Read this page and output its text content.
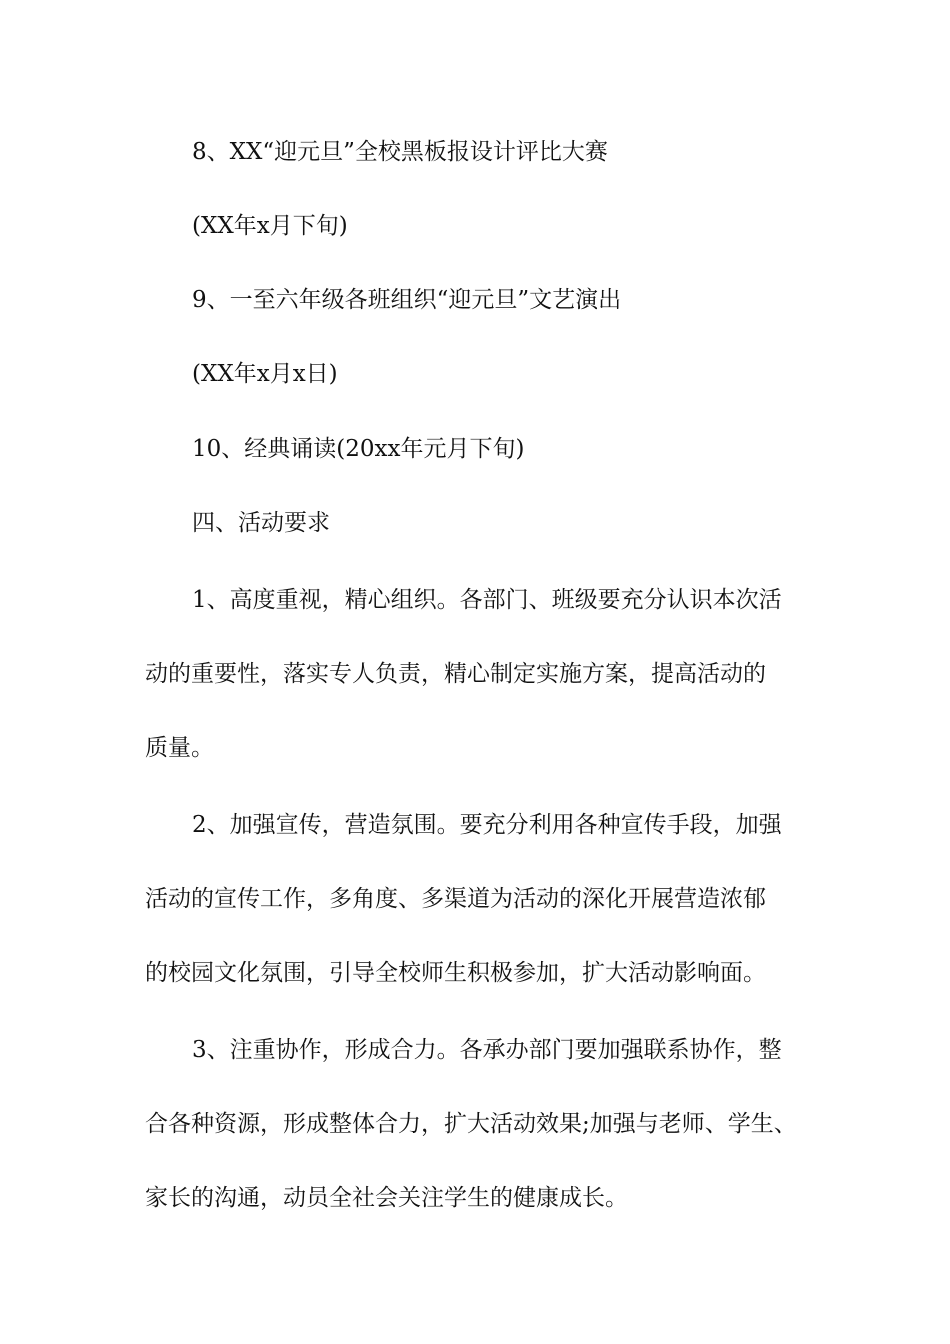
8、XX“迎元旦”全校黑板报设计评比大赛
(XX年x月下旬)
9、一至六年级各班组织“迎元旦”文艺演出
(XX年x月x日)
10、经典诵读(20xx年元月下旬)
四、活动要求
1、高度重视，精心组织。各部门、班级要充分认识本次活
动的重要性，落实专人负责，精心制定实施方案，提高活动的
质量。
2、加强宣传，营造氛围。要充分利用各种宣传手段，加强
活动的宣传工作，多角度、多渠道为活动的深化开展营造浓郁
的校园文化氛围，引导全校师生积极参加，扩大活动影响面。
3、注重协作，形成合力。各承办部门要加强联系协作，整
合各种资源，形成整体合力，扩大活动效果;加强与老师、学生、
家长的沟通，动员全社会关注学生的健康成长。
